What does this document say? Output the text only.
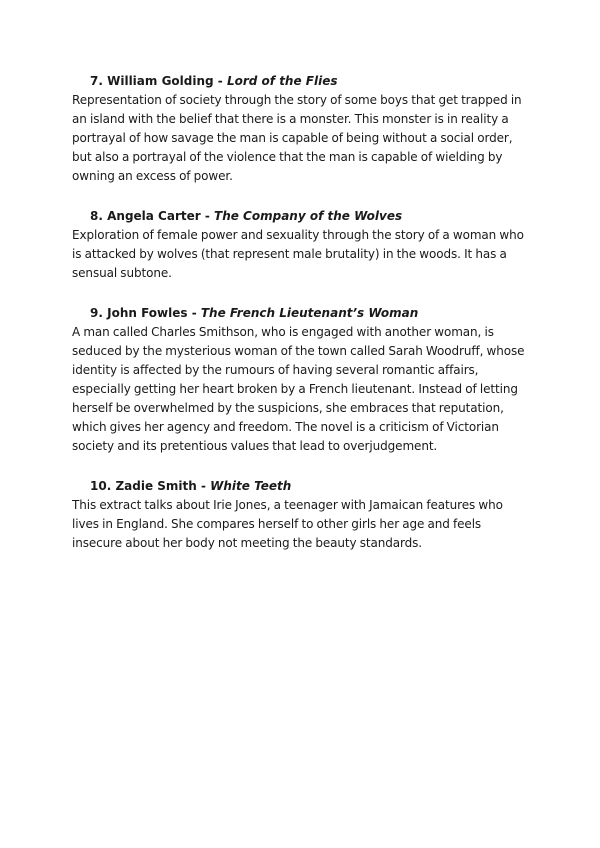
7. William Golding - Lord of the Flies

Representation of society through the story of some boys that get trapped in an island with the belief that there is a monster. This monster is in reality a portrayal of how savage the man is capable of being without a social order, but also a portrayal of the violence that the man is capable of wielding by owning an excess of power.

8. Angela Carter - The Company of the Wolves

Exploration of female power and sexuality through the story of a woman who is attacked by wolves (that represent male brutality) in the woods. It has a sensual subtone.

9. John Fowles - The French Lieutenant’s Woman

A man called Charles Smithson, who is engaged with another woman, is seduced by the mysterious woman of the town called Sarah Woodruff, whose identity is affected by the rumours of having several romantic affairs, especially getting her heart broken by a French lieutenant. Instead of letting herself be overwhelmed by the suspicions, she embraces that reputation, which gives her agency and freedom. The novel is a criticism of Victorian society and its pretentious values that lead to overjudgement.

10. Zadie Smith - White Teeth

This extract talks about Irie Jones, a teenager with Jamaican features who lives in England. She compares herself to other girls her age and feels insecure about her body not meeting the beauty standards.
